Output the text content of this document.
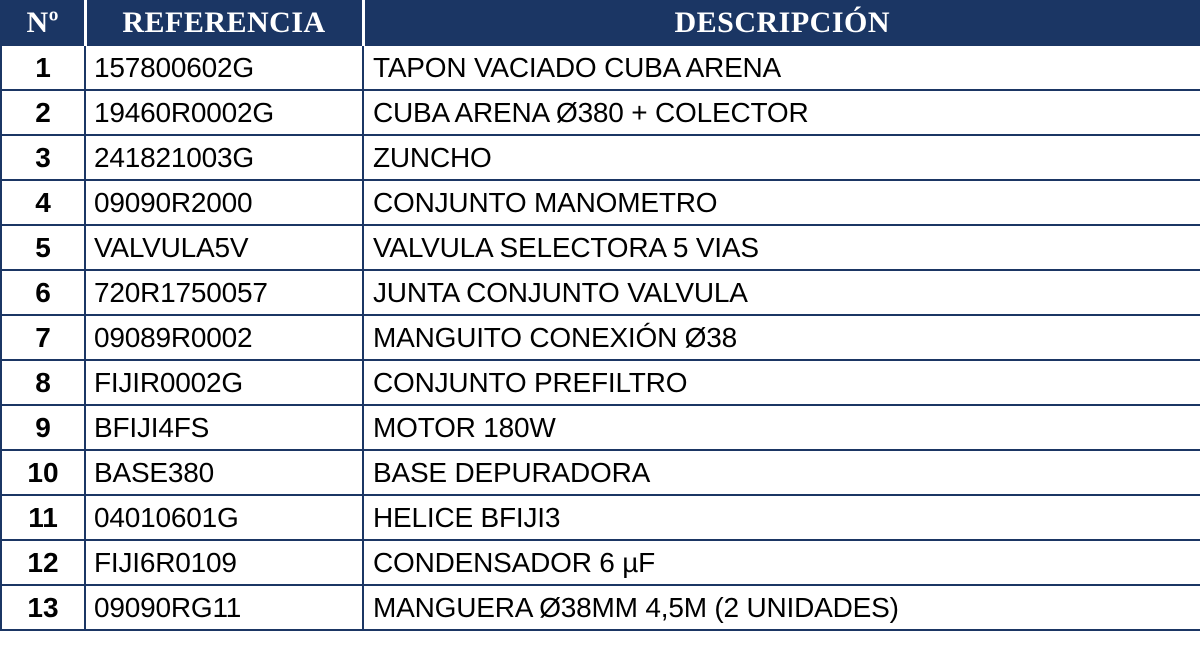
Nº	REFERENCIA	DESCRIPCIÓN
1	157800602G	TAPON VACIADO CUBA ARENA
2	19460R0002G	CUBA ARENA Ø380 + COLECTOR
3	241821003G	ZUNCHO
4	09090R2000	CONJUNTO MANOMETRO
5	VALVULA5V	VALVULA SELECTORA 5 VIAS
6	720R1750057	JUNTA CONJUNTO VALVULA
7	09089R0002	MANGUITO CONEXIÓN Ø38
8	FIJIR0002G	CONJUNTO PREFILTRO
9	BFIJI4FS	MOTOR 180W
10	BASE380	BASE DEPURADORA
11	04010601G	HELICE BFIJI3
12	FIJI6R0109	CONDENSADOR 6 µF
13	09090RG11	MANGUERA Ø38MM 4,5M (2 UNIDADES)
